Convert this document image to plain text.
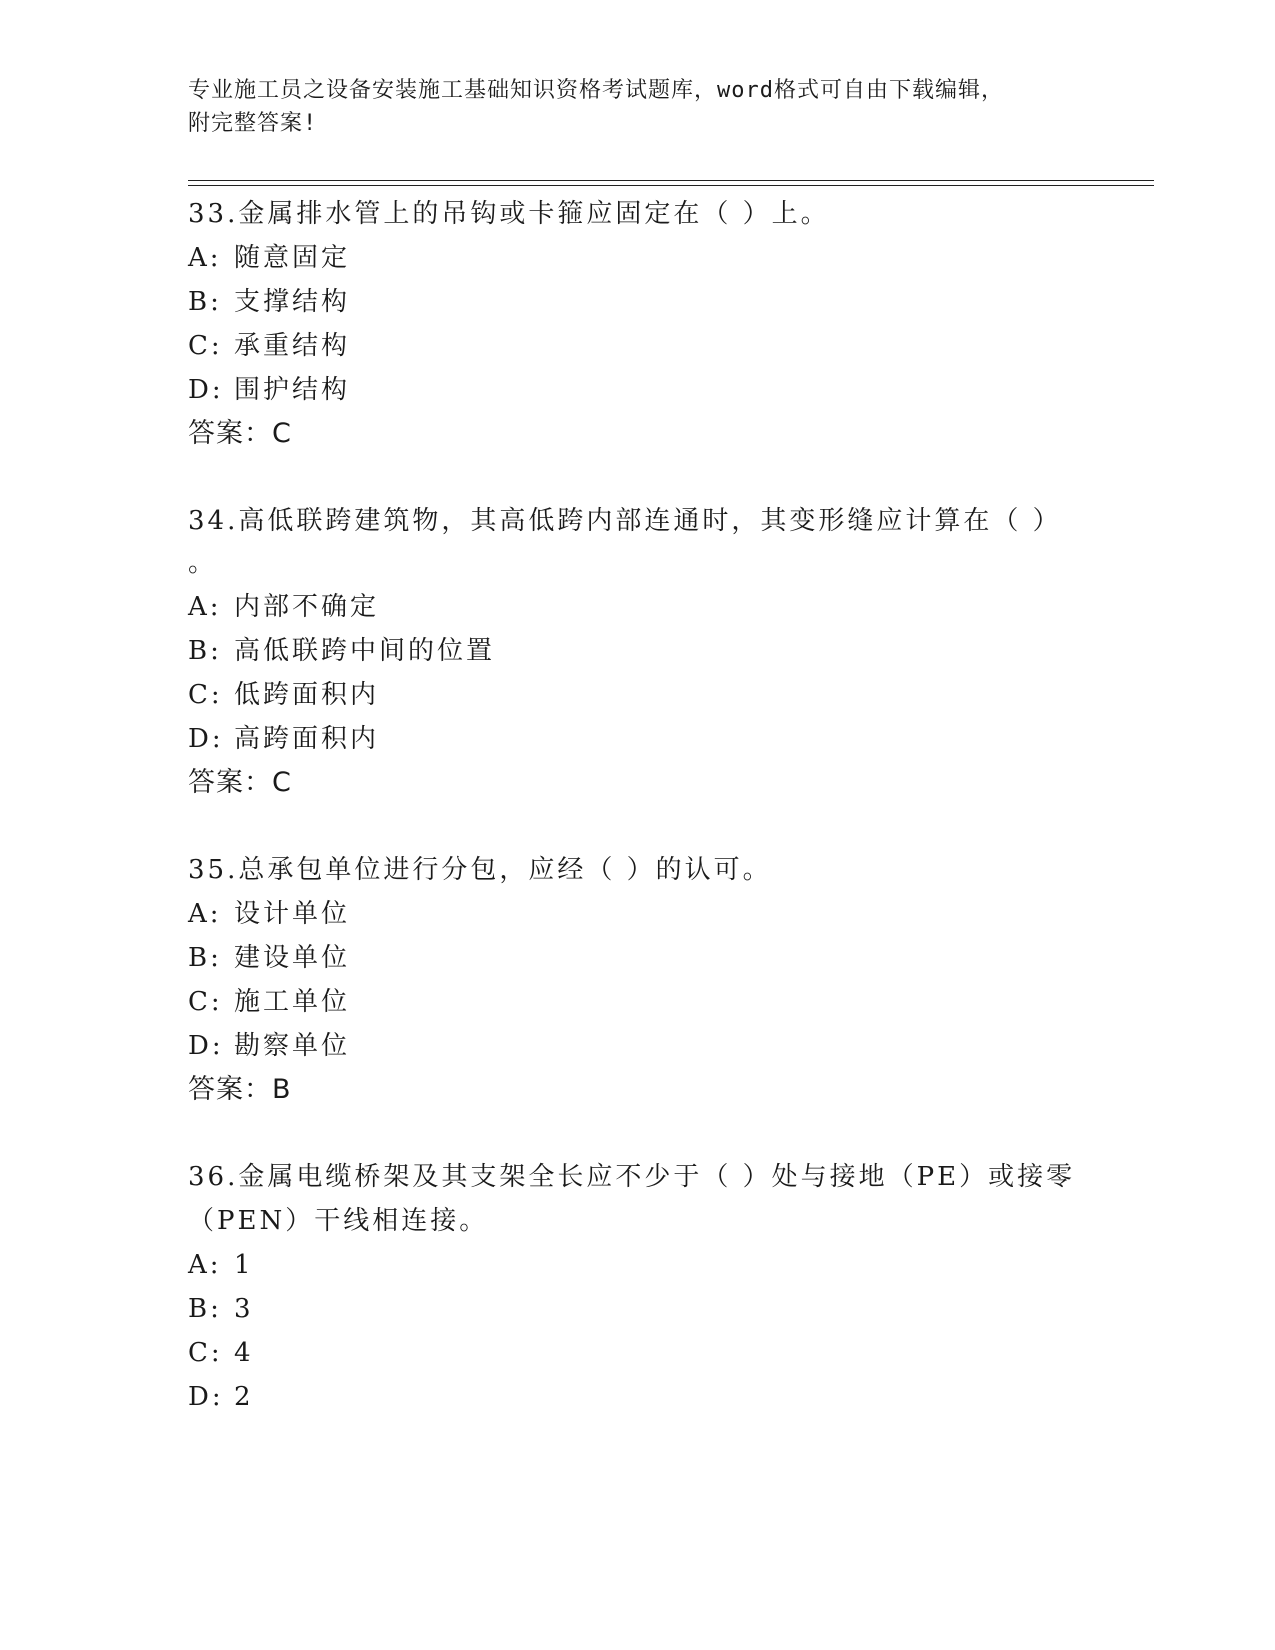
专业施工员之设备安装施工基础知识资格考试题库，word格式可自由下载编辑，
附完整答案!
33.金属排水管上的吊钩或卡箍应固定在（ ）上。
A: 随意固定
B: 支撑结构
C: 承重结构
D: 围护结构
答案：C
34.高低联跨建筑物，其高低跨内部连通时，其变形缝应计算在（ ）
。
A: 内部不确定
B: 高低联跨中间的位置
C: 低跨面积内
D: 高跨面积内
答案：C
35.总承包单位进行分包，应经（ ）的认可。
A: 设计单位
B: 建设单位
C: 施工单位
D: 勘察单位
答案：B
36.金属电缆桥架及其支架全长应不少于（ ）处与接地（PE）或接零
（PEN）干线相连接。
A: 1
B: 3
C: 4
D: 2
